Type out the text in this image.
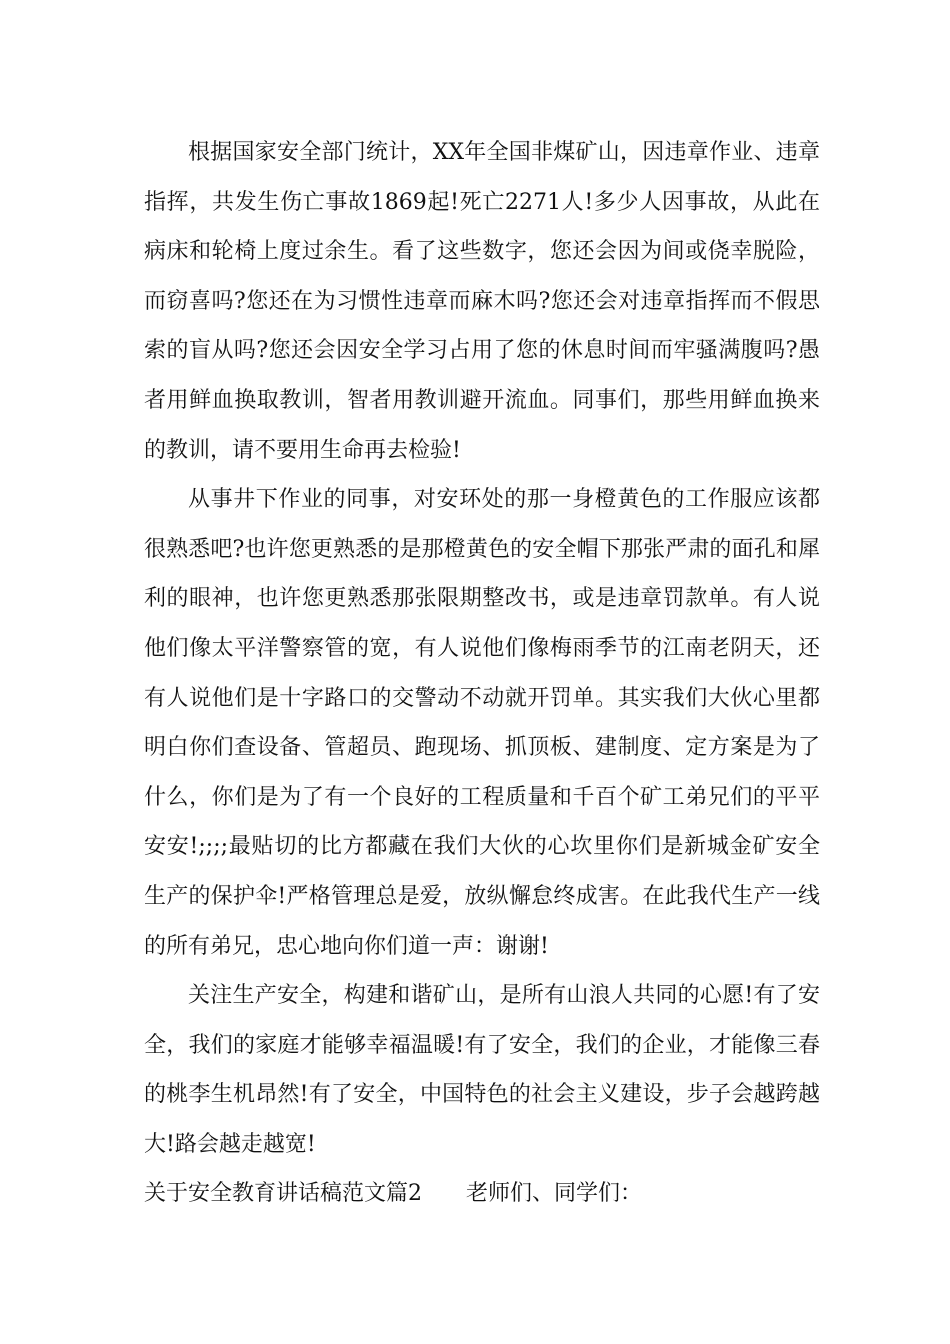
根据国家安全部门统计，XX年全国非煤矿山，因违章作业、违章指挥，共发生伤亡事故1869起!死亡2271人!多少人因事故，从此在病床和轮椅上度过余生。看了这些数字，您还会因为间或侥幸脱险，而窃喜吗?您还在为习惯性违章而麻木吗?您还会对违章指挥而不假思索的盲从吗?您还会因安全学习占用了您的休息时间而牢骚满腹吗?愚者用鲜血换取教训，智者用教训避开流血。同事们，那些用鲜血换来的教训，请不要用生命再去检验!

从事井下作业的同事，对安环处的那一身橙黄色的工作服应该都很熟悉吧?也许您更熟悉的是那橙黄色的安全帽下那张严肃的面孔和犀利的眼神，也许您更熟悉那张限期整改书，或是违章罚款单。有人说他们像太平洋警察管的宽，有人说他们像梅雨季节的江南老阴天，还有人说他们是十字路口的交警动不动就开罚单。其实我们大伙心里都明白你们查设备、管超员、跑现场、抓顶板、建制度、定方案是为了什么，你们是为了有一个良好的工程质量和千百个矿工弟兄们的平平安安!;;;;最贴切的比方都藏在我们大伙的心坎里你们是新城金矿安全生产的保护伞!严格管理总是爱，放纵懈怠终成害。在此我代生产一线的所有弟兄，忠心地向你们道一声：谢谢!

关注生产安全，构建和谐矿山，是所有山浪人共同的心愿!有了安全，我们的家庭才能够幸福温暖!有了安全，我们的企业，才能像三春的桃李生机昂然!有了安全，中国特色的社会主义建设，步子会越跨越大!路会越走越宽!

关于安全教育讲话稿范文篇2 老师们、同学们：
